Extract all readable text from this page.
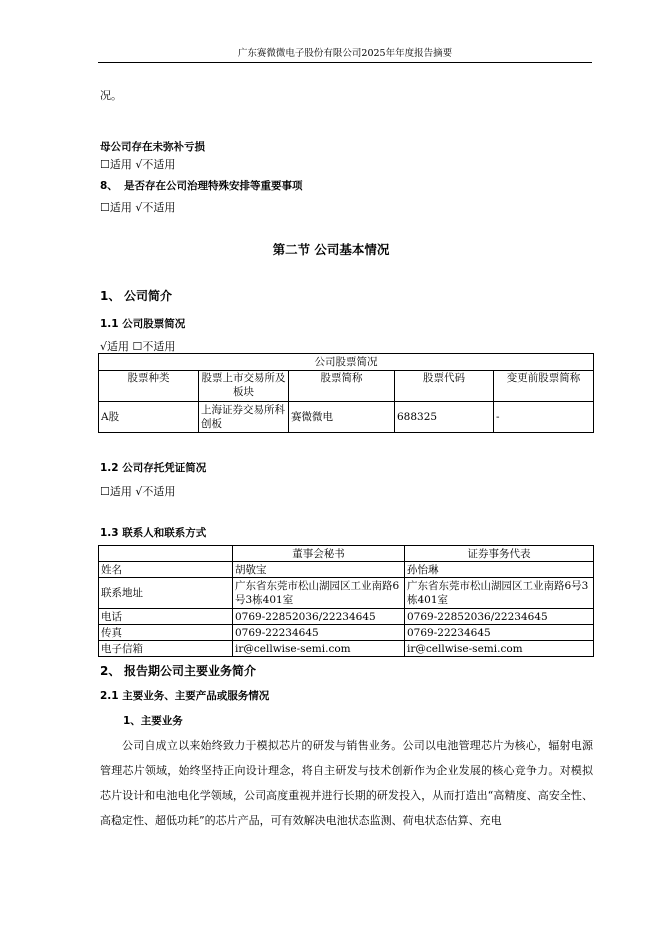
广东赛微微电子股份有限公司2025年年度报告摘要
况。
母公司存在未弥补亏损
☐适用 √不适用
8、 是否存在公司治理特殊安排等重要事项
☐适用 √不适用
第二节 公司基本情况
1、 公司简介
1.1 公司股票简况
√适用 ☐不适用
公司股票简况				
股票种类	股票上市交易所及板块	股票简称	股票代码	变更前股票简称
A股	上海证券交易所科创板	赛微微电	688325	-
1.2 公司存托凭证简况
☐适用 √不适用
1.3 联系人和联系方式
	董事会秘书	证券事务代表
姓名	胡敬宝	孙怡琳
联系地址	广东省东莞市松山湖园区工业南路6号3栋401室	广东省东莞市松山湖园区工业南路6号3栋401室
电话	0769-22852036/22234645	0769-22852036/22234645
传真	0769-22234645	0769-22234645
电子信箱	ir@cellwise-semi.com	ir@cellwise-semi.com
2、 报告期公司主要业务简介
2.1 主要业务、主要产品或服务情况
1、主要业务
公司自成立以来始终致力于模拟芯片的研发与销售业务。公司以电池管理芯片为核心，辐射电源管理芯片领域，始终坚持正向设计理念，将自主研发与技术创新作为企业发展的核心竞争力。对模拟芯片设计和电池电化学领域，公司高度重视并进行长期的研发投入，从而打造出“高精度、高安全性、高稳定性、超低功耗”的芯片产品，可有效解决电池状态监测、荷电状态估算、充电
